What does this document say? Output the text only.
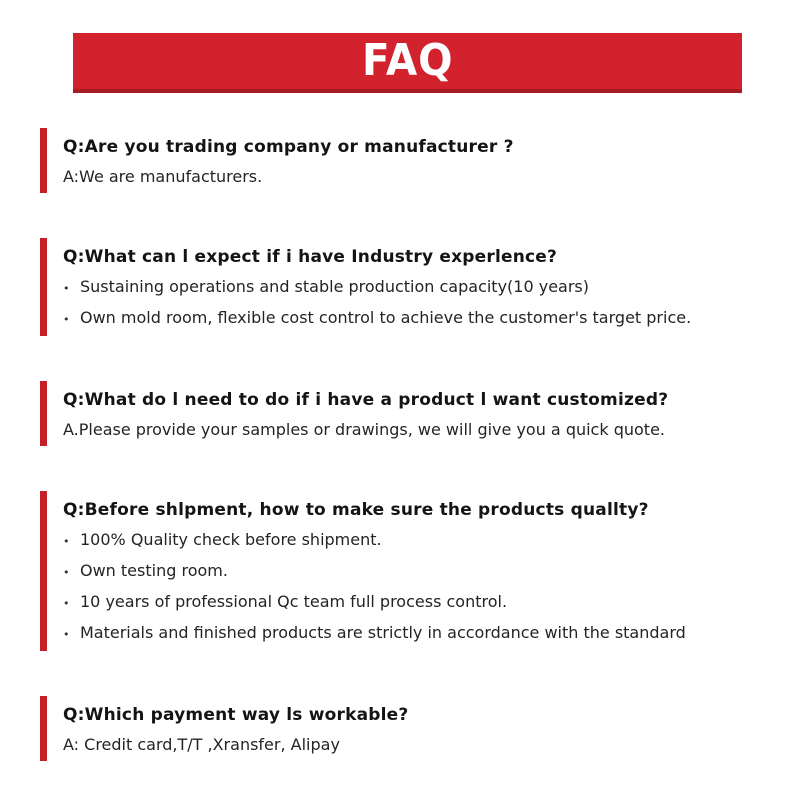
FAQ
Q:Are you trading company or manufacturer ?

A:We are manufacturers.

Q:What can l expect if i have Industry experlence?
• Sustaining operations and stable production capacity(10 years)
• Own mold room, flexible cost control to achieve the customer's target price.
Q:What do l need to do if i have a product l want customized?

A.Please provide your samples or drawings, we will give you a quick quote.

Q:Before shlpment, how to make sure the products quallty?
• 100% Quality check before shipment.
• Own testing room.
• 10 years of professional Qc team full process control.
• Materials and finished products are strictly in accordance with the standard
Q:Which payment way ls workable?

A: Credit card,T/T ,Xransfer, Alipay
